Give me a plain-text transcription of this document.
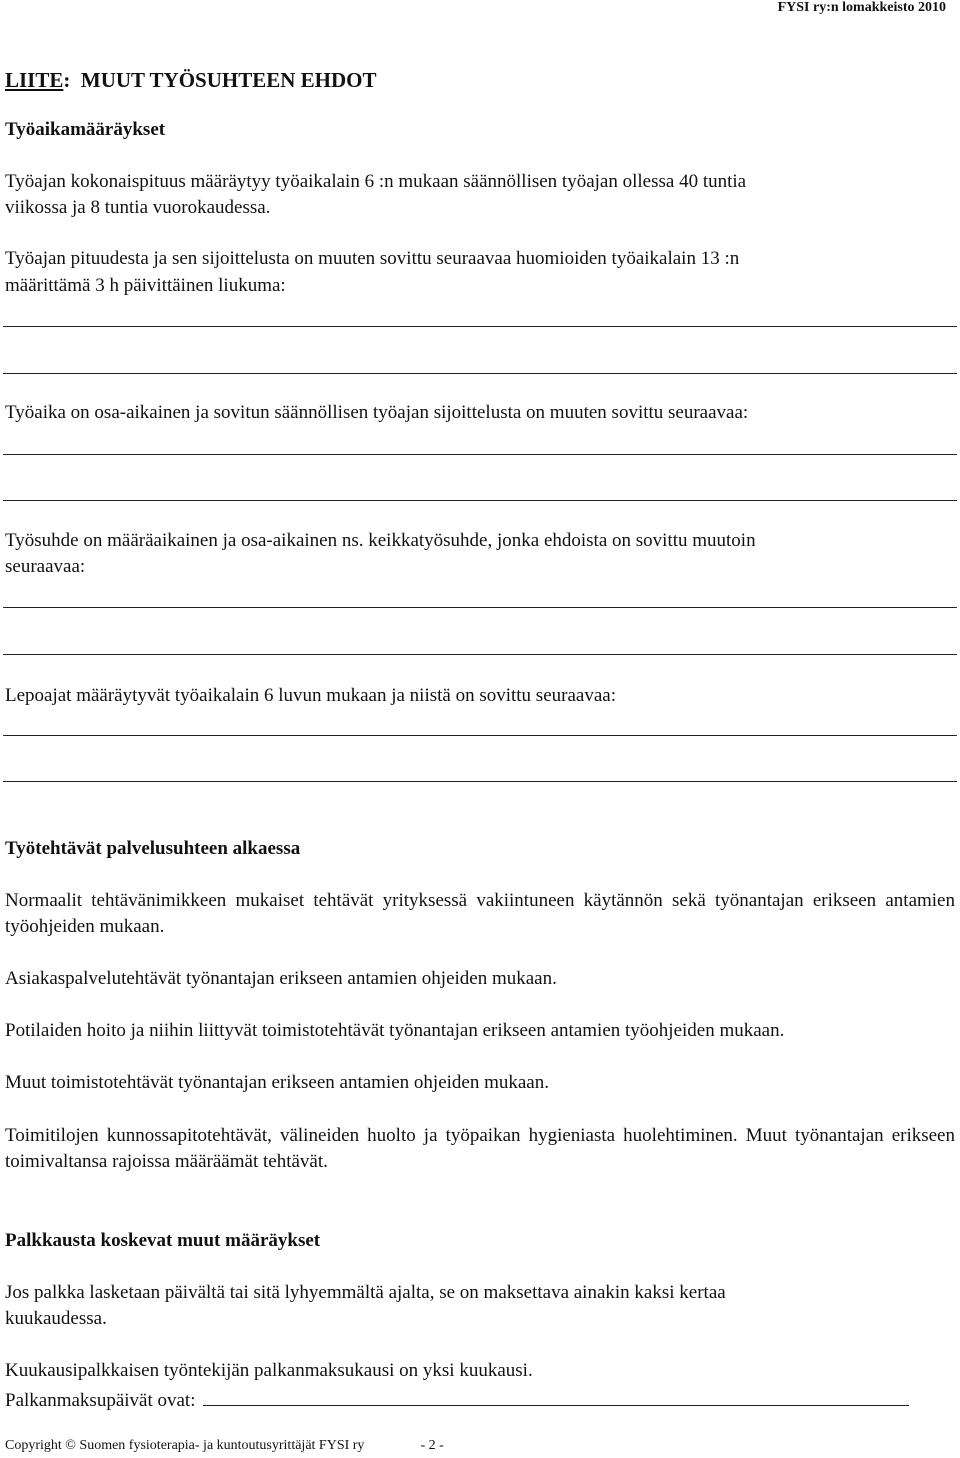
FYSI ry:n lomakkeisto 2010
LIITE: MUUT TYÖSUHTEEN EHDOT
Työaikamääräykset
Työajan kokonaispituus määräytyy työaikalain 6 :n mukaan säännöllisen työajan ollessa 40 tuntia
viikossa ja 8 tuntia vuorokaudessa.
Työajan pituudesta ja sen sijoittelusta on muuten sovittu seuraavaa huomioiden työaikalain 13 :n
määrittämä 3 h päivittäinen liukuma:
Työaika on osa-aikainen ja sovitun säännöllisen työajan sijoittelusta on muuten sovittu seuraavaa:
Työsuhde on määräaikainen ja osa-aikainen ns. keikkatyösuhde, jonka ehdoista on sovittu muutoin
seuraavaa:
Lepoajat määräytyvät työaikalain 6 luvun mukaan ja niistä on sovittu seuraavaa:
Työtehtävät palvelusuhteen alkaessa
Normaalit tehtävänimikkeen mukaiset tehtävät yrityksessä vakiintuneen käytännön sekä työnantajan erikseen antamien työohjeiden mukaan.
Asiakaspalvelutehtävät työnantajan erikseen antamien ohjeiden mukaan.
Potilaiden hoito ja niihin liittyvät toimistotehtävät työnantajan erikseen antamien työohjeiden mukaan.
Muut toimistotehtävät työnantajan erikseen antamien ohjeiden mukaan.
Toimitilojen kunnossapitotehtävät, välineiden huolto ja työpaikan hygieniasta huolehtiminen. Muut työnantajan erikseen toimivaltansa rajoissa määräämät tehtävät.
Palkkausta koskevat muut määräykset
Jos palkka lasketaan päivältä tai sitä lyhyemmältä ajalta, se on maksettava ainakin kaksi kertaa
kuukaudessa.
Kuukausipalkkaisen työntekijän palkanmaksukausi on yksi kuukausi.
Palkanmaksupäivät ovat:
Copyright © Suomen fysioterapia- ja kuntoutusyrittäjät FYSI ry	- 2 -
